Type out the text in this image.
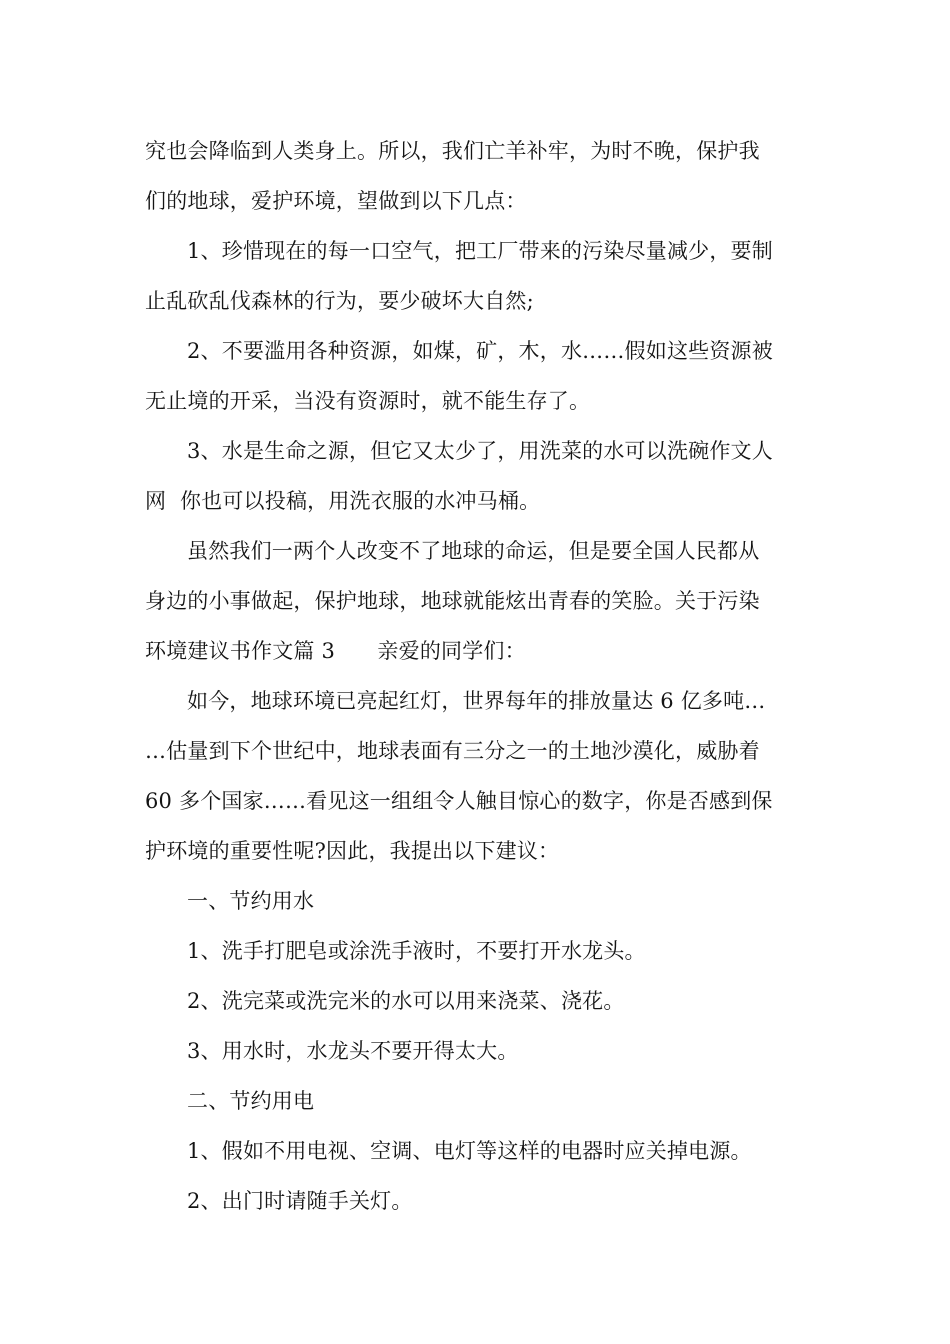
究也会降临到人类身上。所以，我们亡羊补牢，为时不晚，保护我
们的地球，爱护环境，望做到以下几点：
1、珍惜现在的每一口空气，把工厂带来的污染尽量减少，要制
止乱砍乱伐森林的行为，要少破坏大自然;
2、不要滥用各种资源，如煤，矿，木，水……假如这些资源被
无止境的开采，当没有资源时，就不能生存了。
3、水是生命之源，但它又太少了，用洗菜的水可以洗碗作文人
网  你也可以投稿，用洗衣服的水冲马桶。
虽然我们一两个人改变不了地球的命运，但是要全国人民都从
身边的小事做起，保护地球，地球就能炫出青春的笑脸。关于污染
环境建议书作文篇 3　　亲爱的同学们：
如今，地球环境已亮起红灯，世界每年的排放量达 6 亿多吨…
…估量到下个世纪中，地球表面有三分之一的土地沙漠化，威胁着
60 多个国家……看见这一组组令人触目惊心的数字，你是否感到保
护环境的重要性呢?因此，我提出以下建议：
一、节约用水
1、洗手打肥皂或涂洗手液时，不要打开水龙头。
2、洗完菜或洗完米的水可以用来浇菜、浇花。
3、用水时，水龙头不要开得太大。
二、节约用电
1、假如不用电视、空调、电灯等这样的电器时应关掉电源。
2、出门时请随手关灯。
